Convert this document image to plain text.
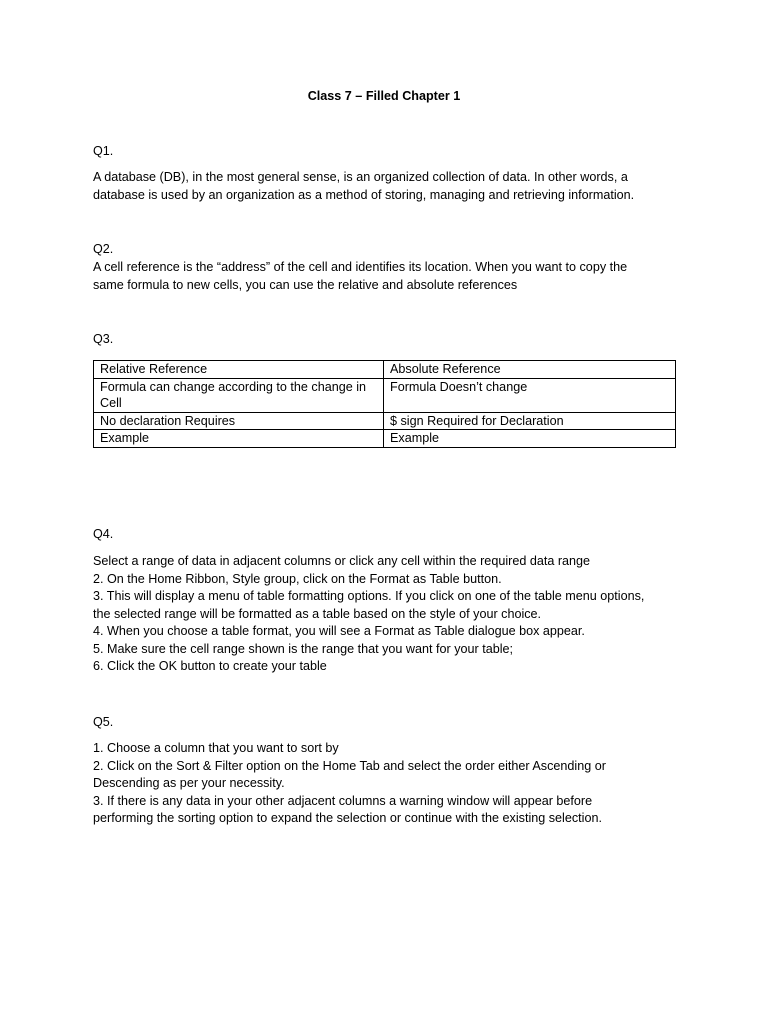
Class 7 – Filled Chapter 1
Q1.
A database (DB), in the most general sense, is an organized collection of data. In other words, a
database is used by an organization as a method of storing, managing and retrieving information.
Q2.
A cell reference is the “address” of the cell and identifies its location. When you want to copy the
same formula to new cells, you can use the relative and absolute references
Q3.
Relative Reference	Absolute Reference
Formula can change according to the change in Cell	Formula Doesn’t change
No declaration Requires	$ sign Required for Declaration
Example	Example
Q4.
Select a range of data in adjacent columns or click any cell within the required data range
2. On the Home Ribbon, Style group, click on the Format as Table button.
3. This will display a menu of table formatting options. If you click on one of the table menu options,
the selected range will be formatted as a table based on the style of your choice.
4. When you choose a table format, you will see a Format as Table dialogue box appear.
5. Make sure the cell range shown is the range that you want for your table;
6. Click the OK button to create your table
Q5.
1. Choose a column that you want to sort by
2. Click on the Sort & Filter option on the Home Tab and select the order either Ascending or
Descending as per your necessity.
3. If there is any data in your other adjacent columns a warning window will appear before
performing the sorting option to expand the selection or continue with the existing selection.
